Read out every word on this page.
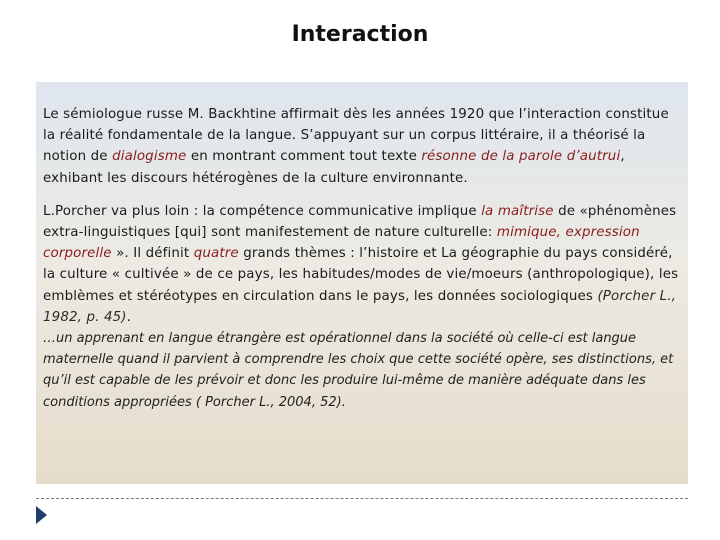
Interaction

Le sémiologue russe M. Backhtine affirmait dès les années 1920 que l’interaction constitue la réalité fondamentale de la langue. S’appuyant sur un corpus littéraire, il a théorisé la notion de dialogisme en montrant comment tout texte résonne de la parole d’autrui, exhibant les discours hétérogènes de la culture environnante.

L.Porcher va plus loin : la compétence communicative implique la maîtrise de «phénomènes extra-linguistiques [qui] sont manifestement de nature culturelle: mimique, expression corporelle ». Il définit quatre grands thèmes : l’histoire et La géographie du pays considéré, la culture « cultivée » de ce pays, les habitudes/modes de vie/moeurs (anthropologique), les emblèmes et stéréotypes en circulation dans le pays, les données sociologiques (Porcher L., 1982, p. 45).

…un apprenant en langue étrangère est opérationnel dans la société où celle-ci est langue maternelle quand il parvient à comprendre les choix que cette société opère, ses distinctions, et qu’il est capable de les prévoir et donc les produire lui-même de manière adéquate dans les conditions appropriées ( Porcher L., 2004, 52).
